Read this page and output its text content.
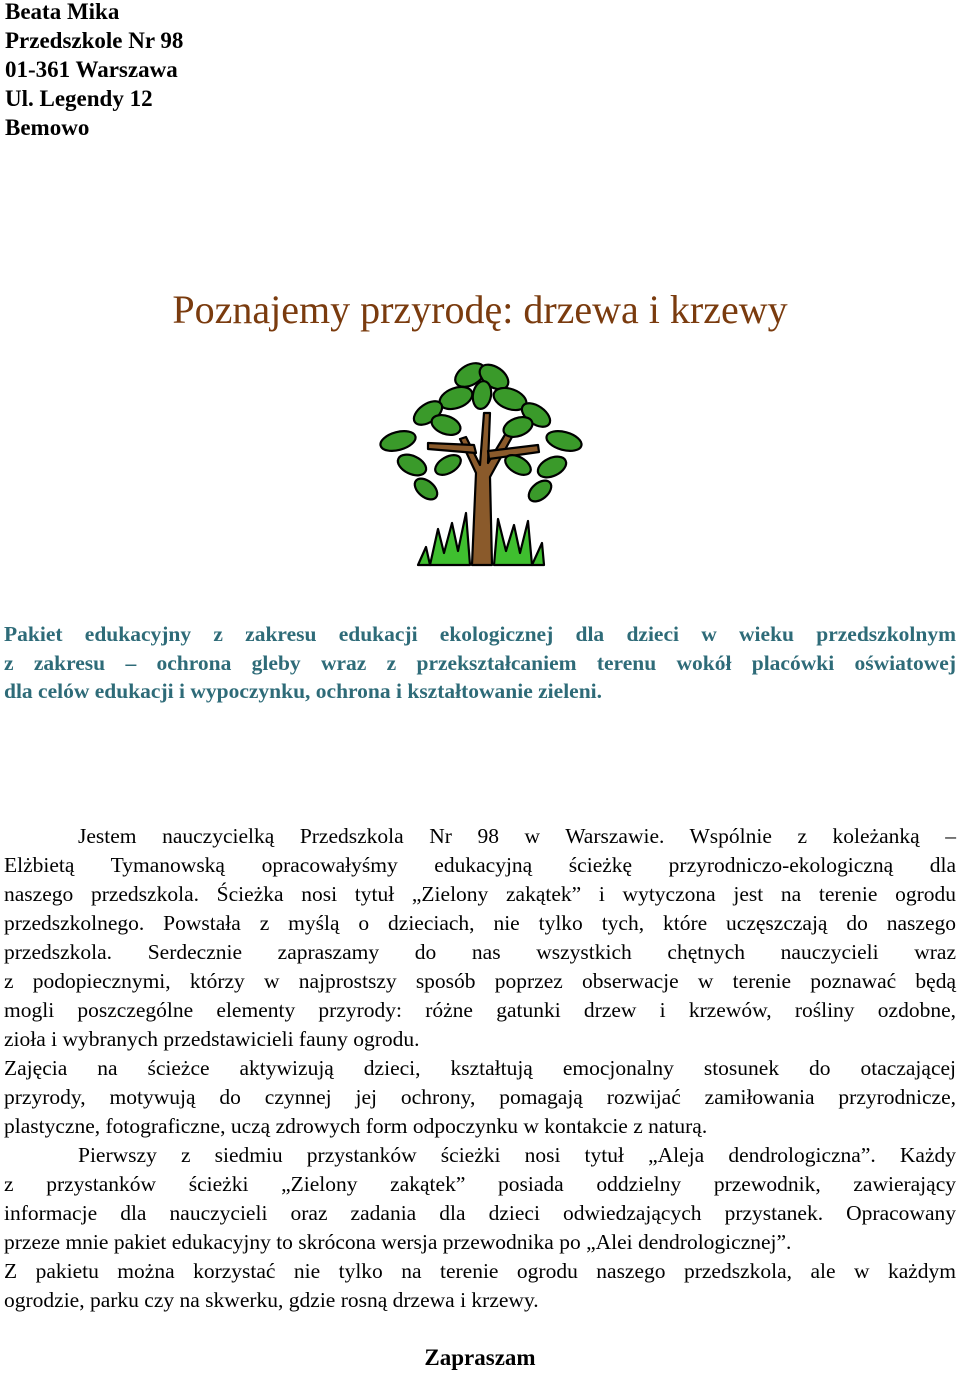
Beata Mika
Przedszkole Nr 98
01-361 Warszawa
Ul. Legendy 12
Bemowo
Poznajemy przyrodę: drzewa i krzewy
Pakiet edukacyjny z zakresu edukacji ekologicznej dla dzieci w wieku przedszkolnym
z zakresu – ochrona gleby wraz z przekształcaniem terenu wokół placówki oświatowej
dla celów edukacji i wypoczynku, ochrona i kształtowanie zieleni.
Jestem nauczycielką Przedszkola Nr 98 w Warszawie. Wspólnie z koleżanką –
Elżbietą Tymanowską opracowałyśmy edukacyjną ścieżkę przyrodniczo-ekologiczną dla
naszego przedszkola. Ścieżka nosi tytuł „Zielony zakątek” i wytyczona jest na terenie ogrodu
przedszkolnego. Powstała z myślą o dzieciach, nie tylko tych, które uczęszczają do naszego
przedszkola. Serdecznie zapraszamy do nas wszystkich chętnych nauczycieli wraz
z podopiecznymi, którzy w najprostszy sposób poprzez obserwacje w terenie poznawać będą
mogli poszczególne elementy przyrody: różne gatunki drzew i krzewów, rośliny ozdobne,
zioła i wybranych przedstawicieli fauny ogrodu.
Zajęcia na ścieżce aktywizują dzieci, kształtują emocjonalny stosunek do otaczającej
przyrody, motywują do czynnej jej ochrony, pomagają rozwijać zamiłowania przyrodnicze,
plastyczne, fotograficzne, uczą zdrowych form odpoczynku w kontakcie z naturą.
Pierwszy z siedmiu przystanków ścieżki nosi tytuł „Aleja dendrologiczna”. Każdy
z przystanków ścieżki „Zielony zakątek” posiada oddzielny przewodnik, zawierający
informacje dla nauczycieli oraz zadania dla dzieci odwiedzających przystanek. Opracowany
przeze mnie pakiet edukacyjny to skrócona wersja przewodnika po „Alei dendrologicznej”.
Z pakietu można korzystać nie tylko na terenie ogrodu naszego przedszkola, ale w każdym
ogrodzie, parku czy na skwerku, gdzie rosną drzewa i krzewy.
Zapraszam
